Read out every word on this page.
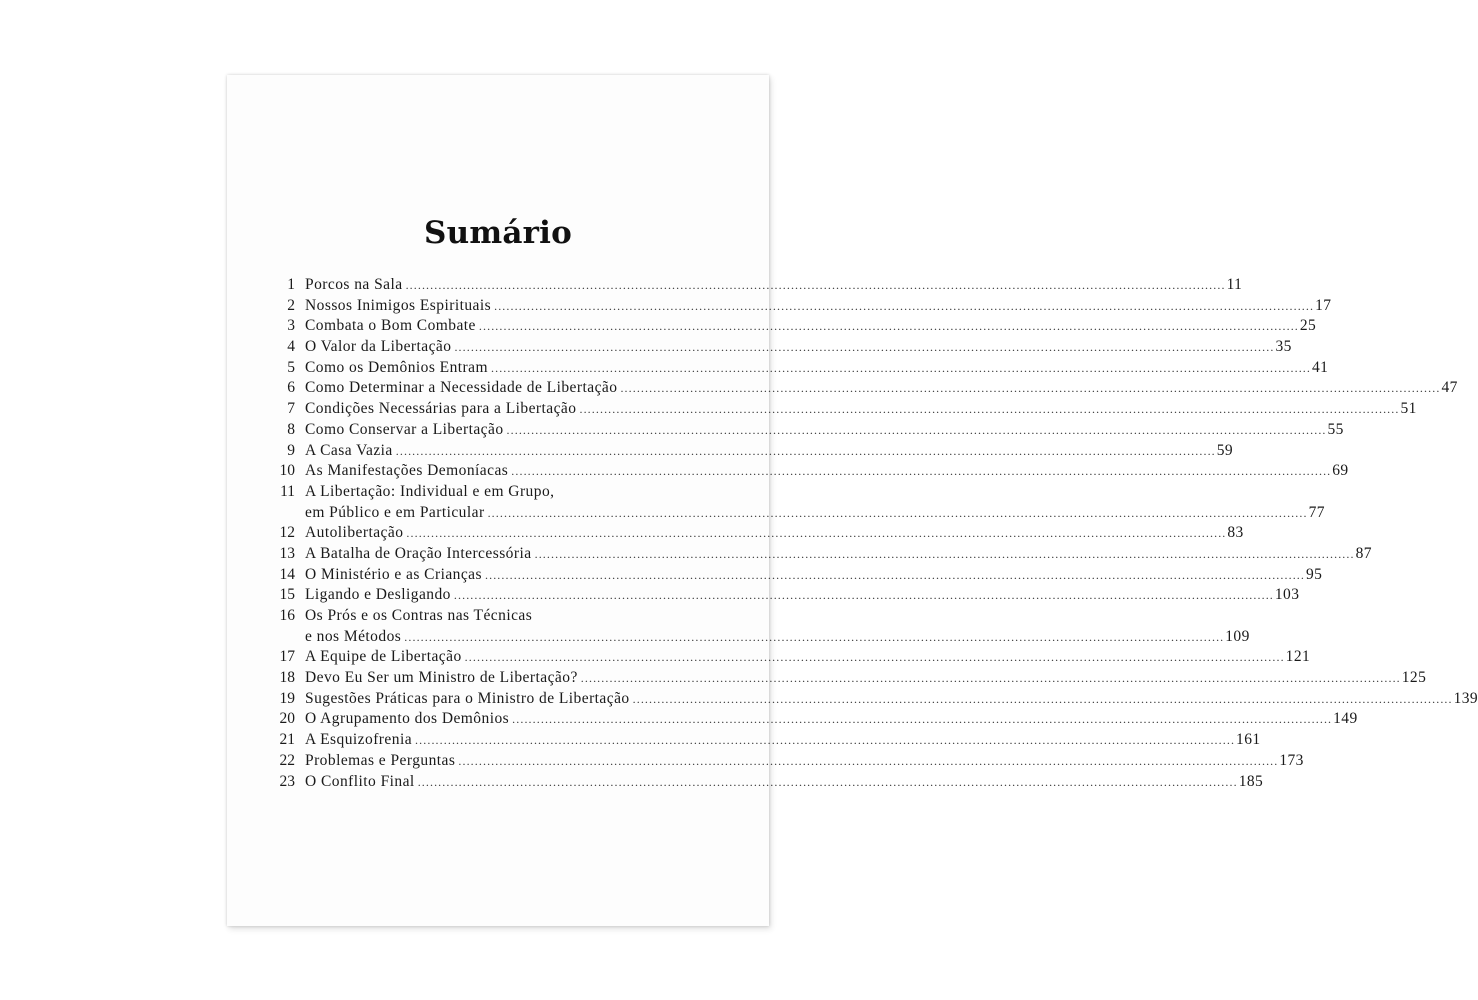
Sumário
1 Porcos na Sala ........................................................................................................................................................................................................ 11
2 Nossos Inimigos Espirituais ........................................................................................................................................................................................................ 17
3 Combata o Bom Combate ........................................................................................................................................................................................................ 25
4 O Valor da Libertação ........................................................................................................................................................................................................ 35
5 Como os Demônios Entram ........................................................................................................................................................................................................ 41
6 Como Determinar a Necessidade de Libertação ........................................................................................................................................................................................................ 47
7 Condições Necessárias para a Libertação ........................................................................................................................................................................................................ 51
8 Como Conservar a Libertação ........................................................................................................................................................................................................ 55
9 A Casa Vazia ........................................................................................................................................................................................................ 59
10 As Manifestações Demoníacas ........................................................................................................................................................................................................ 69
11 A Libertação: Individual e em Grupo,
em Público e em Particular ........................................................................................................................................................................................................ 77
12 Autolibertação ........................................................................................................................................................................................................ 83
13 A Batalha de Oração Intercessória ........................................................................................................................................................................................................ 87
14 O Ministério e as Crianças ........................................................................................................................................................................................................ 95
15 Ligando e Desligando ........................................................................................................................................................................................................ 103
16 Os Prós e os Contras nas Técnicas
e nos Métodos ........................................................................................................................................................................................................ 109
17 A Equipe de Libertação ........................................................................................................................................................................................................ 121
18 Devo Eu Ser um Ministro de Libertação? ........................................................................................................................................................................................................ 125
19 Sugestões Práticas para o Ministro de Libertação ........................................................................................................................................................................................................ 139
20 O Agrupamento dos Demônios ........................................................................................................................................................................................................ 149
21 A Esquizofrenia ........................................................................................................................................................................................................ 161
22 Problemas e Perguntas ........................................................................................................................................................................................................ 173
23 O Conflito Final ........................................................................................................................................................................................................ 185
